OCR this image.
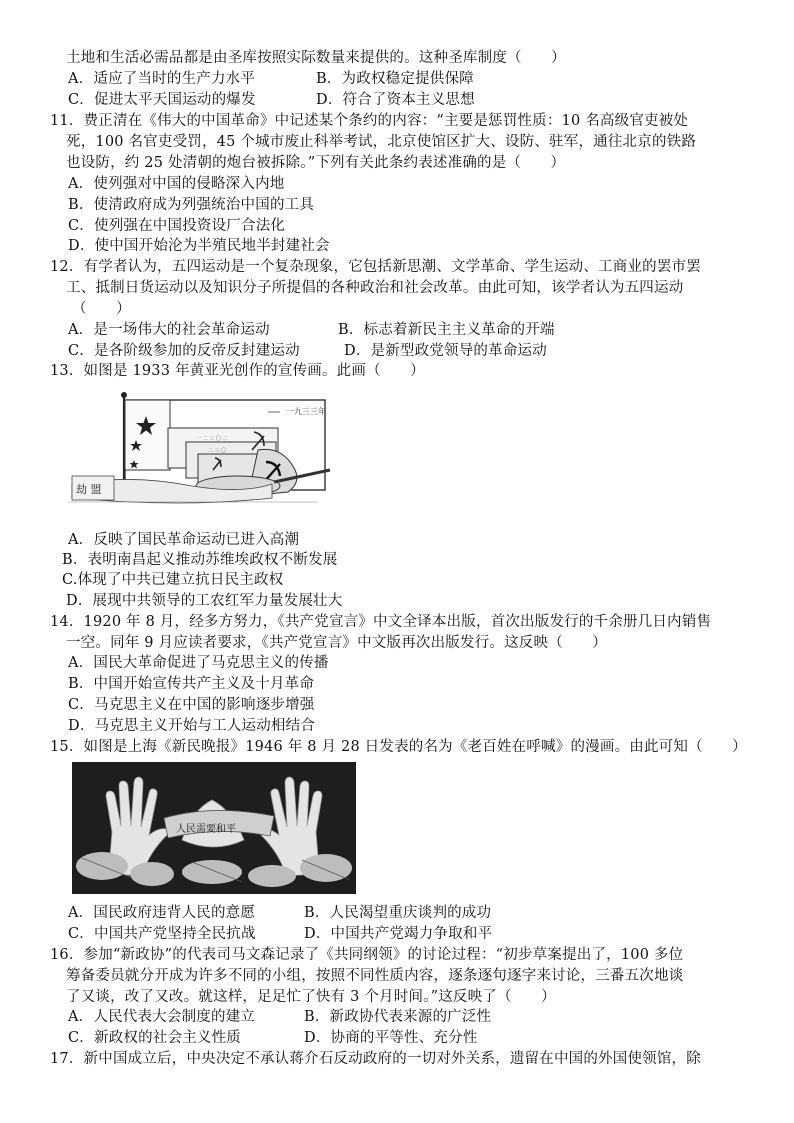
土地和生活必需品都是由圣库按照实际数量来提供的。这种圣库制度（　　）
A．适应了当时的生产力水平	B．为政权稳定提供保障
C．促进太平天国运动的爆发	D．符合了资本主义思想
11．费正清在《伟大的中国革命》中记述某个条约的内容：“主要是惩罚性质：10 名高级官吏被处
死，100 名官吏受罚，45 个城市废止科举考试，北京使馆区扩大、设防、驻军，通往北京的铁路
也设防，约 25 处清朝的炮台被拆除。”下列有关此条约表述准确的是（　　）
A．使列强对中国的侵略深入内地
B．使清政府成为列强统治中国的工具
C．使列强在中国投资设厂合法化
D．使中国开始沦为半殖民地半封建社会
12．有学者认为，五四运动是一个复杂现象，它包括新思潮、文学革命、学生运动、工商业的罢市罢
工、抵制日货运动以及知识分子所提倡的各种政治和社会改革。由此可知，该学者认为五四运动
（　　）
A．是一场伟大的社会革命运动	B．标志着新民主主义革命的开端
C．是各阶级参加的反帝反封建运动	D．是新型政党领导的革命运动
13．如图是 1933 年黄亚光创作的宣传画。此画（　　）
一九三三年
一 二 三 〇 二
二 三 〇
劫 盟
A．反映了国民革命运动已进入高潮
B．表明南昌起义推动苏维埃政权不断发展
C.体现了中共已建立抗日民主政权
D．展现中共领导的工农红军力量发展壮大
14．1920 年 8 月，经多方努力，《共产党宣言》中文全译本出版，首次出版发行的千余册几日内销售
一空。同年 9 月应读者要求，《共产党宣言》中文版再次出版发行。这反映（　　）
A．国民大革命促进了马克思主义的传播
B．中国开始宣传共产主义及十月革命
C．马克思主义在中国的影响逐步增强
D．马克思主义开始与工人运动相结合
15．如图是上海《新民晚报》1946 年 8 月 28 日发表的名为《老百姓在呼喊》的漫画。由此可知（　　）
人民需要和平
A．国民政府违背人民的意愿	B．人民渴望重庆谈判的成功
C．中国共产党坚持全民抗战	D．中国共产党竭力争取和平
16．参加“新政协”的代表司马文森记录了《共同纲领》的讨论过程：“初步草案提出了，100 多位
筹备委员就分开成为许多不同的小组，按照不同性质内容，逐条逐句逐字来讨论，三番五次地谈
了又谈，改了又改。就这样，足足忙了快有 3 个月时间。”这反映了（　　）
A．人民代表大会制度的建立	B．新政协代表来源的广泛性
C．新政权的社会主义性质	D．协商的平等性、充分性
17．新中国成立后，中央决定不承认蒋介石反动政府的一切对外关系，遗留在中国的外国使领馆，除
